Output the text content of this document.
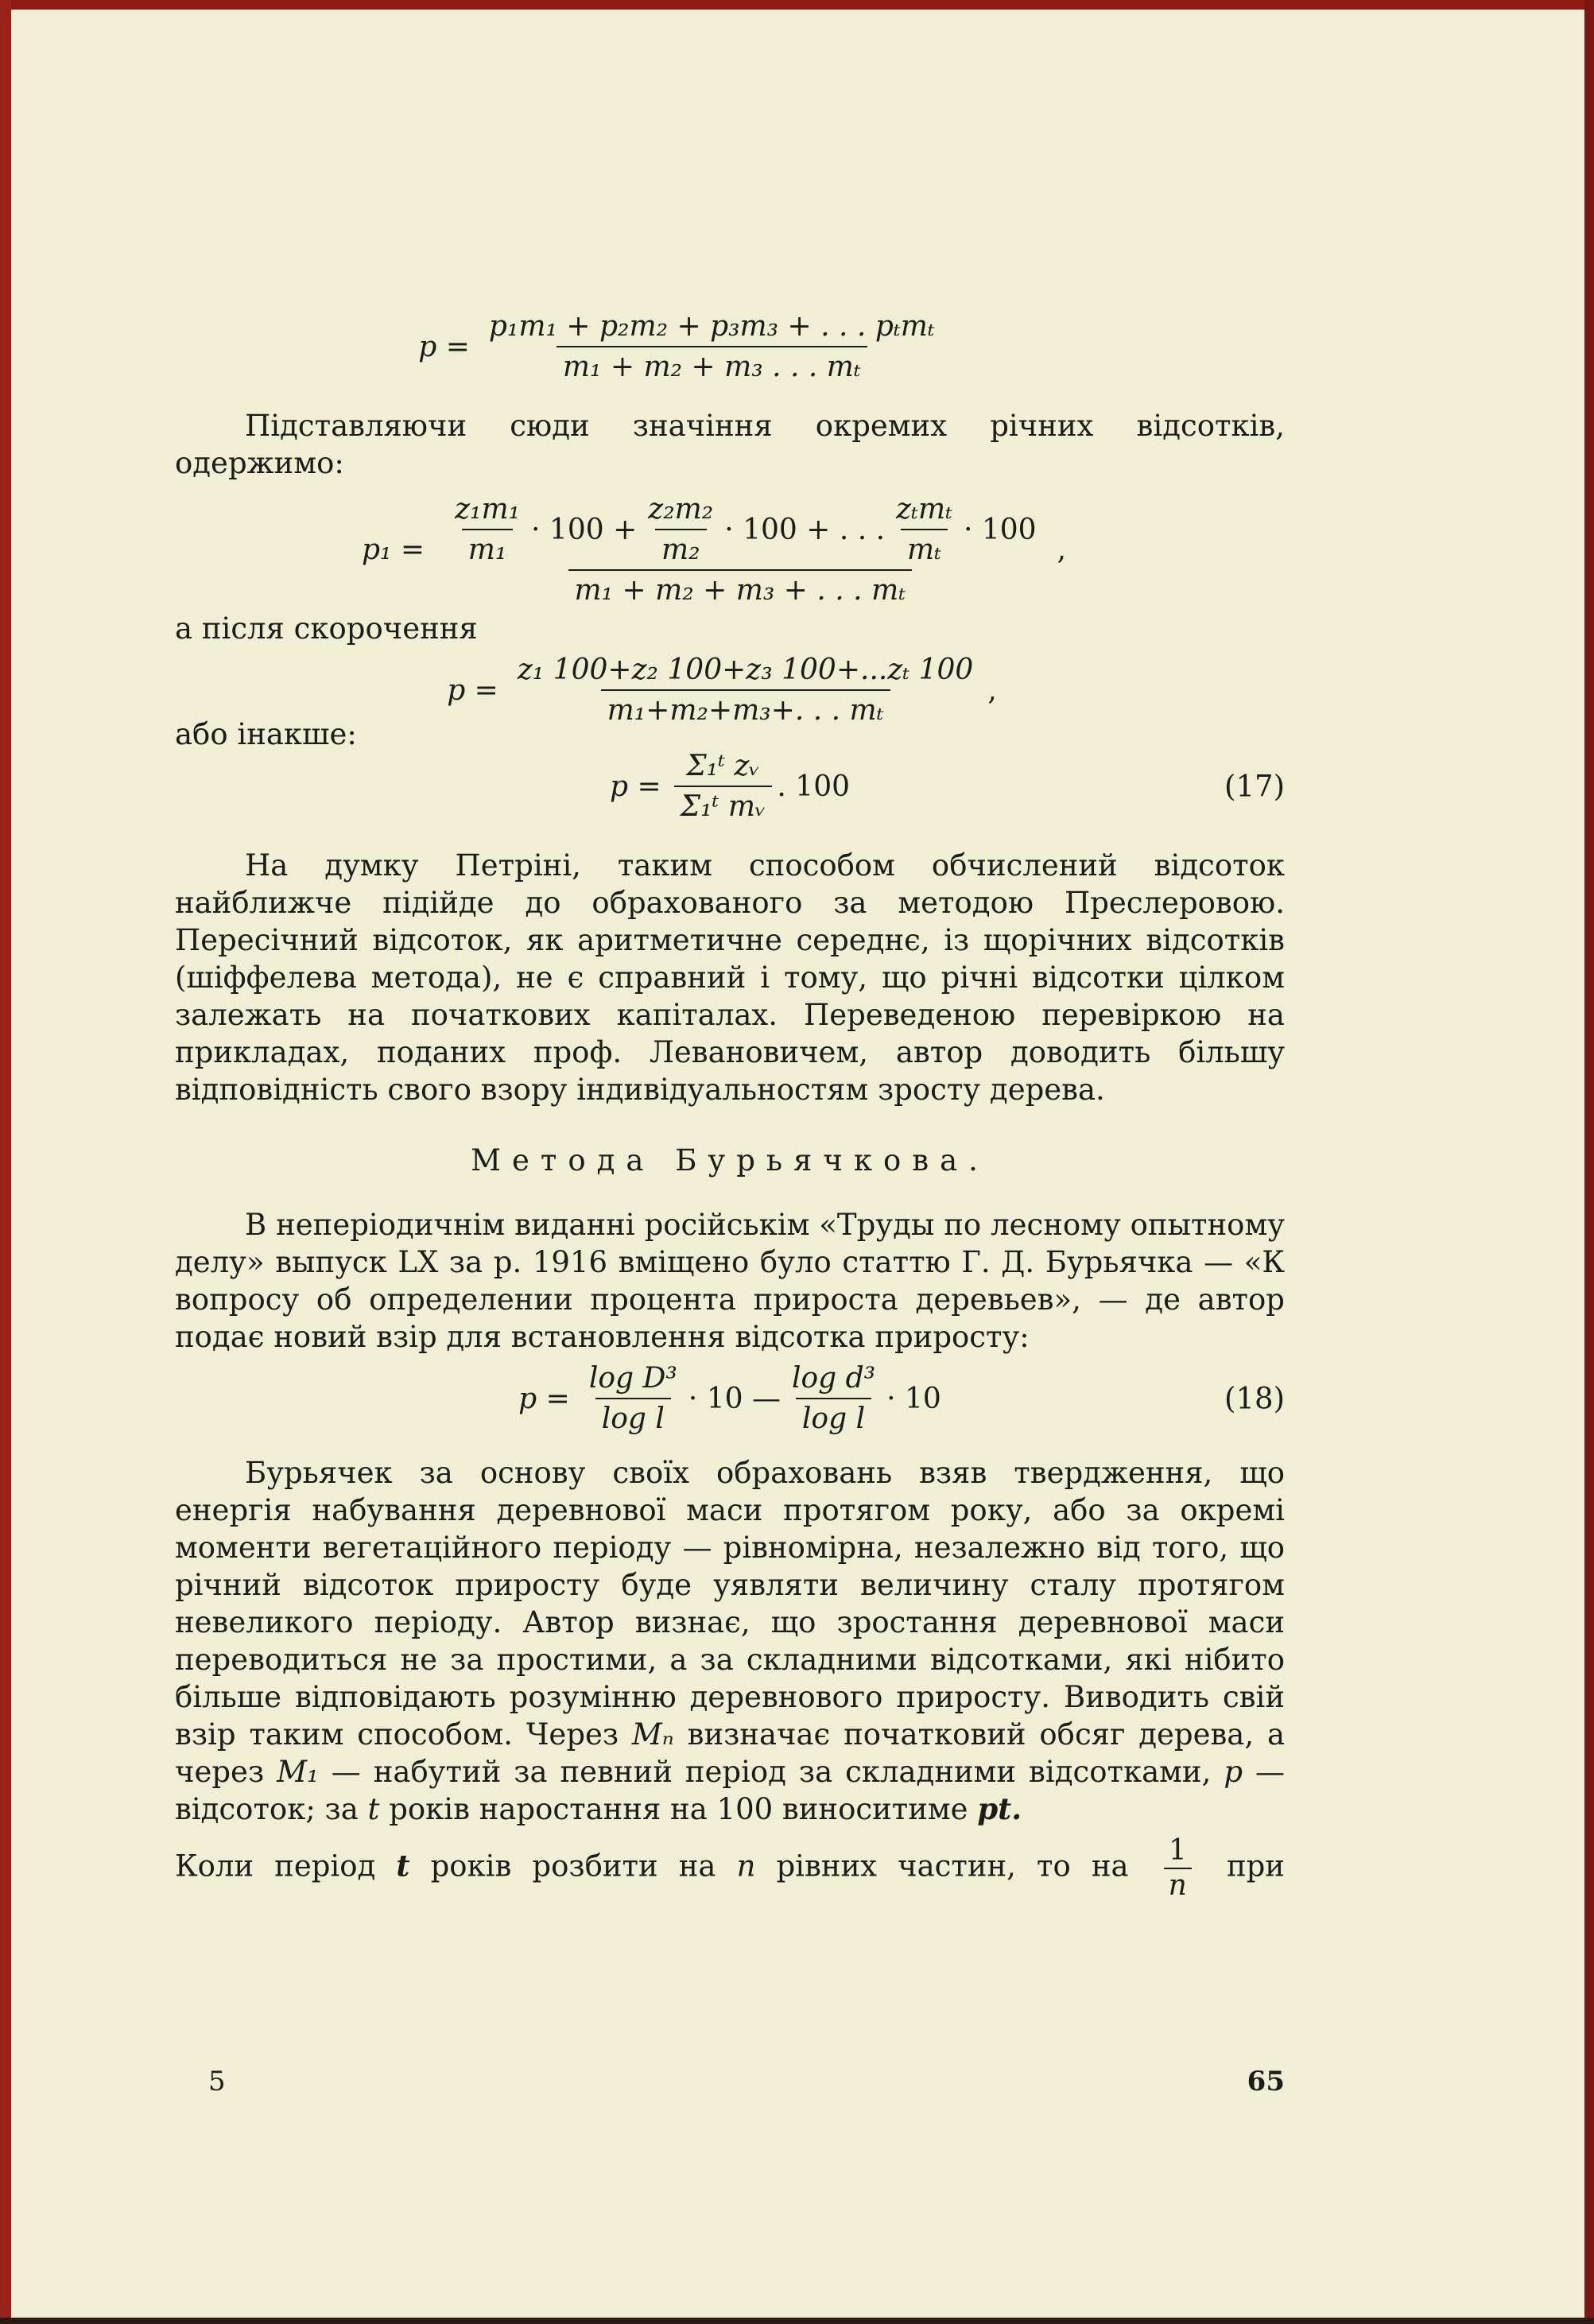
$p = \frac{\text{p₁m₁ + p₂m₂ + p₃m₃ + . . . pₜmₜ}}{\text{m₁ + m₂ + m₃ . . . mₜ}}$

Підставляючи сюди значіння окремих річних відсотків, одержимо:

$p_1 = \frac{\text{z₁m₁}}{\text{m₁}} \cdot 100 + \frac{\text{z₂m₂}}{\text{m₂}} \cdot 100$ + . . . $\frac{\text{zₜmₜ}}{\text{mₜ}} \cdot 100$
m₁ + m₂ + m₃ + . . . mₜ
,

а після скорочення

$p = \frac{\text{z₁ 100+z₂ 100+z₃ 100+...zₜ 100}}{\text{m₁+m₂+m₃+. . . mₜ}}$ ,

або інакше:

$p = \frac{\text{Σ₁ᵗ zᵥ}}{\text{Σ₁ᵗ mᵥ}}$ . 100	(17)

На думку Петріні, таким способом обчислений відсоток найближче підійде до обрахованого за методою Преслеровою. Пересічний відсоток, як аритметичне середнє, із щорічних відсотків (шіффелева метода), не є справний і тому, що річні відсотки цілком залежать на початкових капіталах. Переведеною перевіркою на прикладах, поданих проф. Левановичем, автор доводить більшу відповідність свого взору індивідуальностям зросту дерева.

Метода Бурьячкова.

В неперіодичнім виданні російськім «Труды по лесному опытному делу» выпуск LX за р. 1916 вміщено було статтю Г. Д. Бурьячка — «К вопросу об определении процента прироста деревьев», — де автор подає новий взір для встановлення відсотка приросту:

$p = \frac{\text{log D³}}{\text{log l}} \cdot 10$ — $\frac{\text{log d³}}{\text{log l}} \cdot 10$	(18)

Бурьячек за основу своїх обраховань взяв твердження, що енергія набування деревнової маси протягом року, або за окремі моменти вегетаційного періоду — рівномірна, незалежно від того, що річний відсоток приросту буде уявляти величину сталу протягом невеликого періоду. Автор визнає, що зростання деревнової маси переводиться не за простими, а за складними відсотками, які нібито більше відповідають розумінню деревнового приросту. Виводить свій взір таким способом. Через Mₙ визначає початковий обсяг дерева, а через M₁ — набутий за певний період за складними відсотками, p — відсоток; за t років наростання на 100 виноситиме pt.

Коли період t років розбити на n рівних частин, то на $\frac{1}{n}$ при

5	65
